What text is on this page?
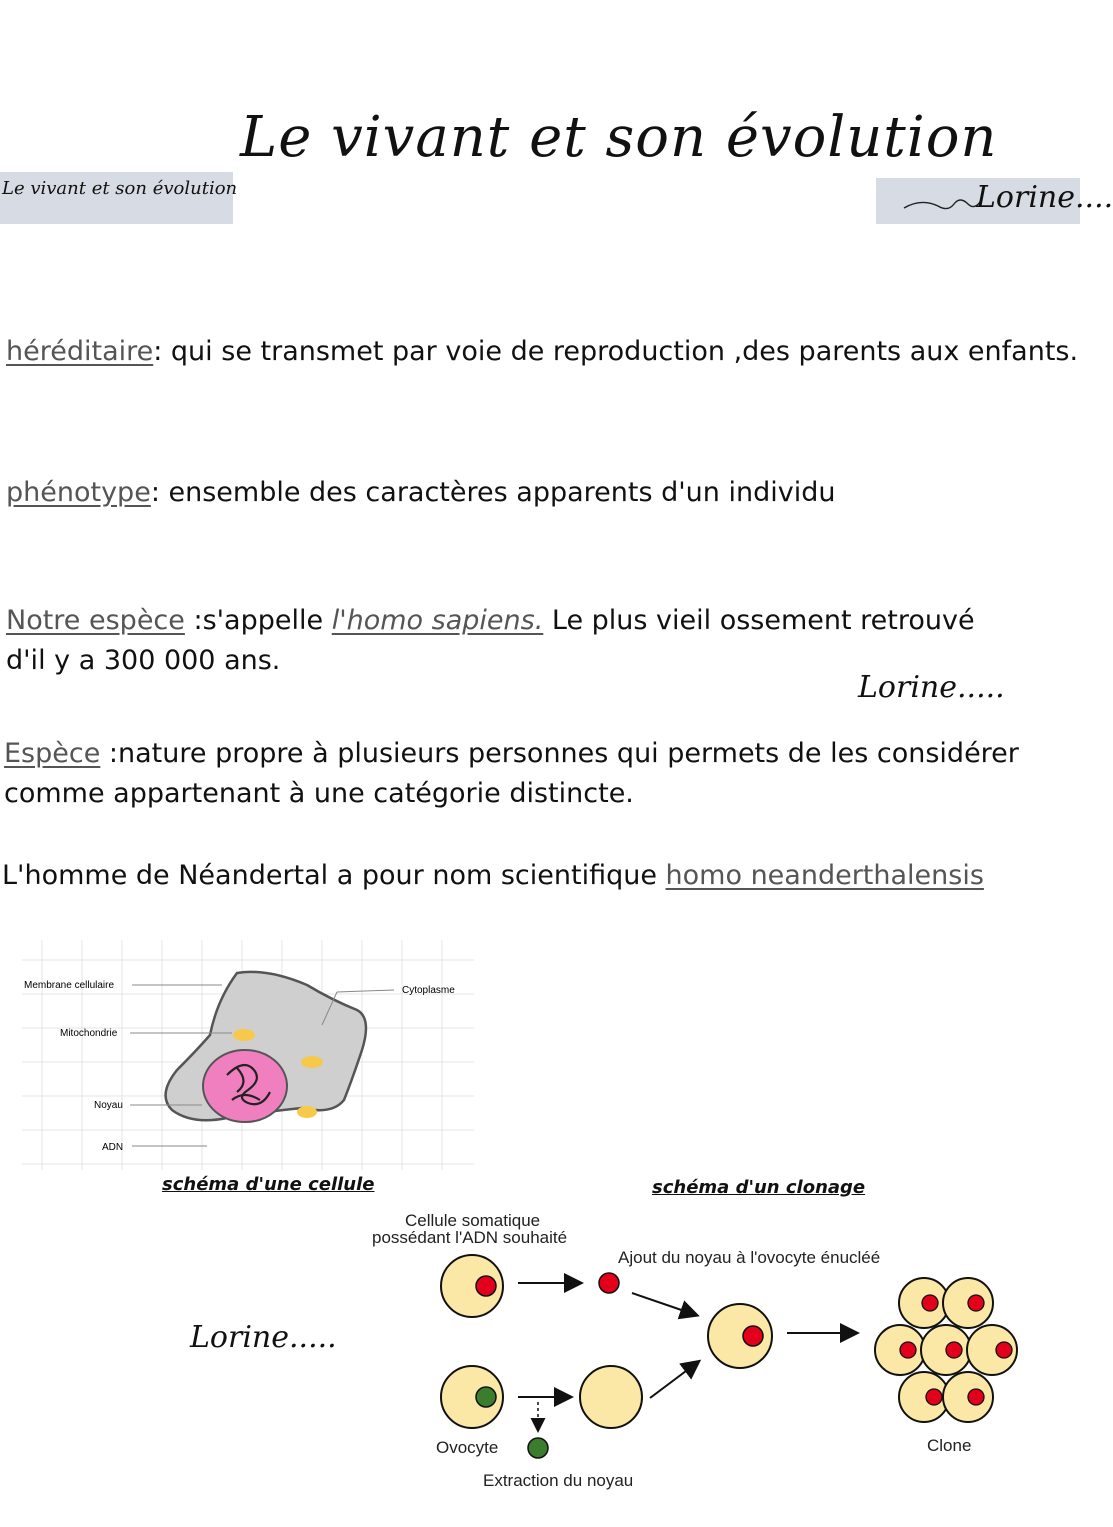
Le vivant et son évolution
Le vivant et son évolution	Lorine....
héréditaire: qui se transmet par voie de reproduction ,des parents aux enfants.
phénotype: ensemble des caractères apparents d'un individu
Notre espèce :s'appelle l'homo sapiens. Le plus vieil ossement retrouvé
d'il y a 300 000 ans.
Lorine.....
Espèce :nature propre à plusieurs personnes qui permets de les considérer
comme appartenant à une catégorie distincte.
L'homme de Néandertal a pour nom scientifique homo neanderthalensis
Membrane cellulaire
Mitochondrie
Noyau
ADN
Cytoplasme
schéma d'une cellule	schéma d'un clonage
Lorine.....
Cellule somatique
possédant l'ADN souhaité
Ajout du noyau à l'ovocyte énucléé
Ovocyte
Extraction du noyau
Clone
